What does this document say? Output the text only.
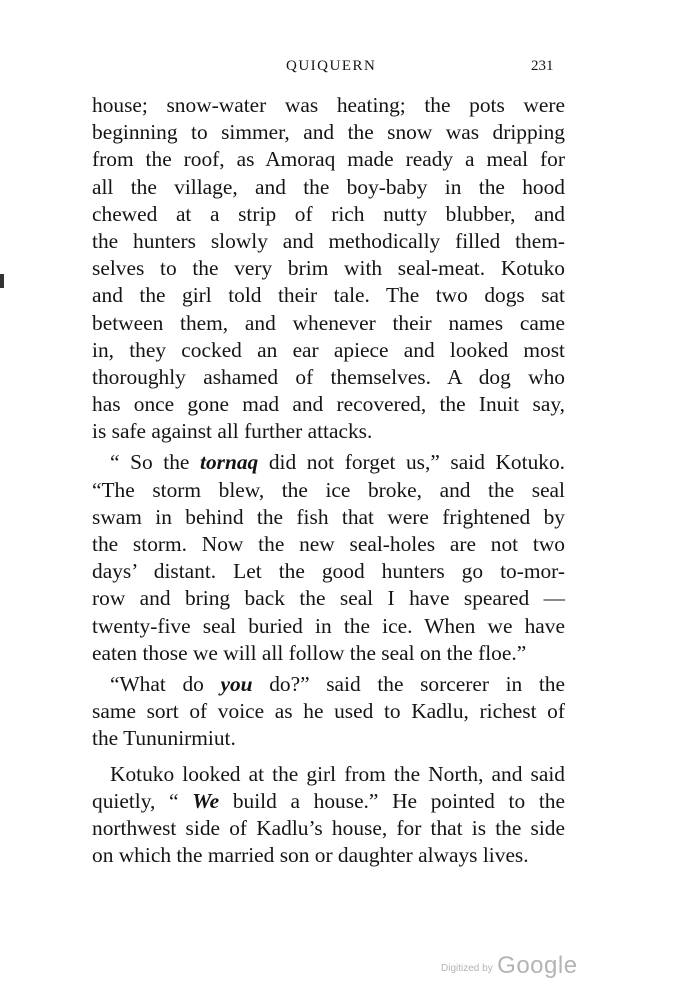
QUIQUERN	231
house; snow-water was heating; the pots were
beginning to simmer, and the snow was dripping
from the roof, as Amoraq made ready a meal for
all the village, and the boy-baby in the hood
chewed at a strip of rich nutty blubber, and
the hunters slowly and methodically filled them-
selves to the very brim with seal-meat. Kotuko
and the girl told their tale. The two dogs sat
between them, and whenever their names came
in, they cocked an ear apiece and looked most
thoroughly ashamed of themselves. A dog who
has once gone mad and recovered, the Inuit say,
is safe against all further attacks.
“ So the tornaq did not forget us,” said Kotuko.
“The storm blew, the ice broke, and the seal
swam in behind the fish that were frightened by
the storm. Now the new seal-holes are not two
days’ distant. Let the good hunters go to-mor-
row and bring back the seal I have speared —
twenty-five seal buried in the ice. When we have
eaten those we will all follow the seal on the floe.”
“What do you do?” said the sorcerer in the
same sort of voice as he used to Kadlu, richest of
the Tununirmiut.
Kotuko looked at the girl from the North, and said
quietly, “ We build a house.” He pointed to the
northwest side of Kadlu’s house, for that is the side
on which the married son or daughter always lives.
Digitized by Google
